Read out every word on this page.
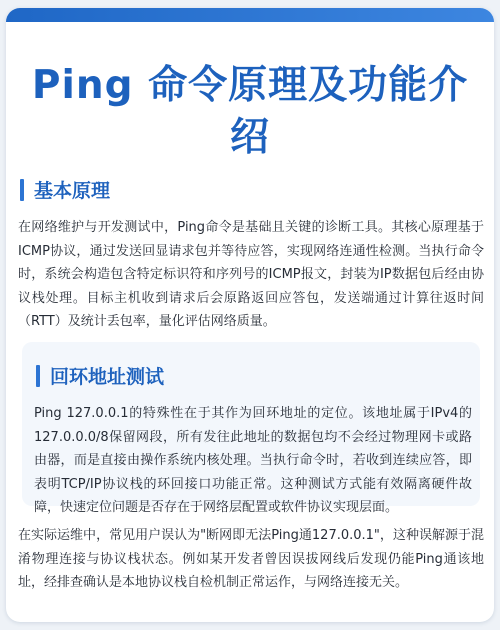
Ping 命令原理及功能介绍
基本原理

在网络维护与开发测试中，Ping命令是基础且关键的诊断工具。其核心原理基于ICMP协议，通过发送回显请求包并等待应答，实现网络连通性检测。当执行命令时，系统会构造包含特定标识符和序列号的ICMP报文，封装为IP数据包后经由协议栈处理。目标主机收到请求后会原路返回应答包，发送端通过计算往返时间（RTT）及统计丢包率，量化评估网络质量。

回环地址测试

Ping 127.0.0.1的特殊性在于其作为回环地址的定位。该地址属于IPv4的127.0.0.0/8保留网段，所有发往此地址的数据包均不会经过物理网卡或路由器，而是直接由操作系统内核处理。当执行命令时，若收到连续应答，即表明TCP/IP协议栈的环回接口功能正常。这种测试方式能有效隔离硬件故障，快速定位问题是否存在于网络层配置或软件协议实现层面。

在实际运维中，常见用户误认为"断网即无法Ping通127.0.0.1"，这种误解源于混淆物理连接与协议栈状态。例如某开发者曾因误拔网线后发现仍能Ping通该地址，经排查确认是本地协议栈自检机制正常运作，与网络连接无关。
